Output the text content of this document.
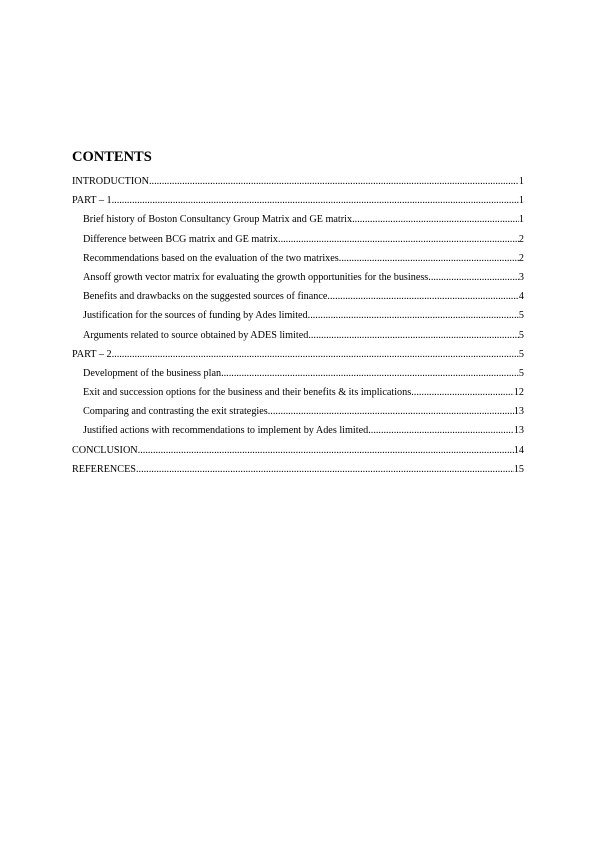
CONTENTS
INTRODUCTION .....	1
PART – 1 .....	1
Brief history of Boston Consultancy Group Matrix and GE matrix .....	1
Difference between BCG matrix and GE matrix .....	2
Recommendations based on the evaluation of the two matrixes .....	2
Ansoff growth vector matrix for evaluating the growth opportunities for the business .....	3
Benefits and drawbacks on the suggested sources of finance .....	4
Justification for the sources of funding by Ades limited .....	5
Arguments related to source obtained by ADES limited .....	5
PART – 2 .....	5
Development of the business plan .....	5
Exit and succession options for the business and their benefits & its implications .....	12
Comparing and contrasting the exit strategies .....	13
Justified actions with recommendations to implement by Ades limited .....	13
CONCLUSION .....	14
REFERENCES .....	15
